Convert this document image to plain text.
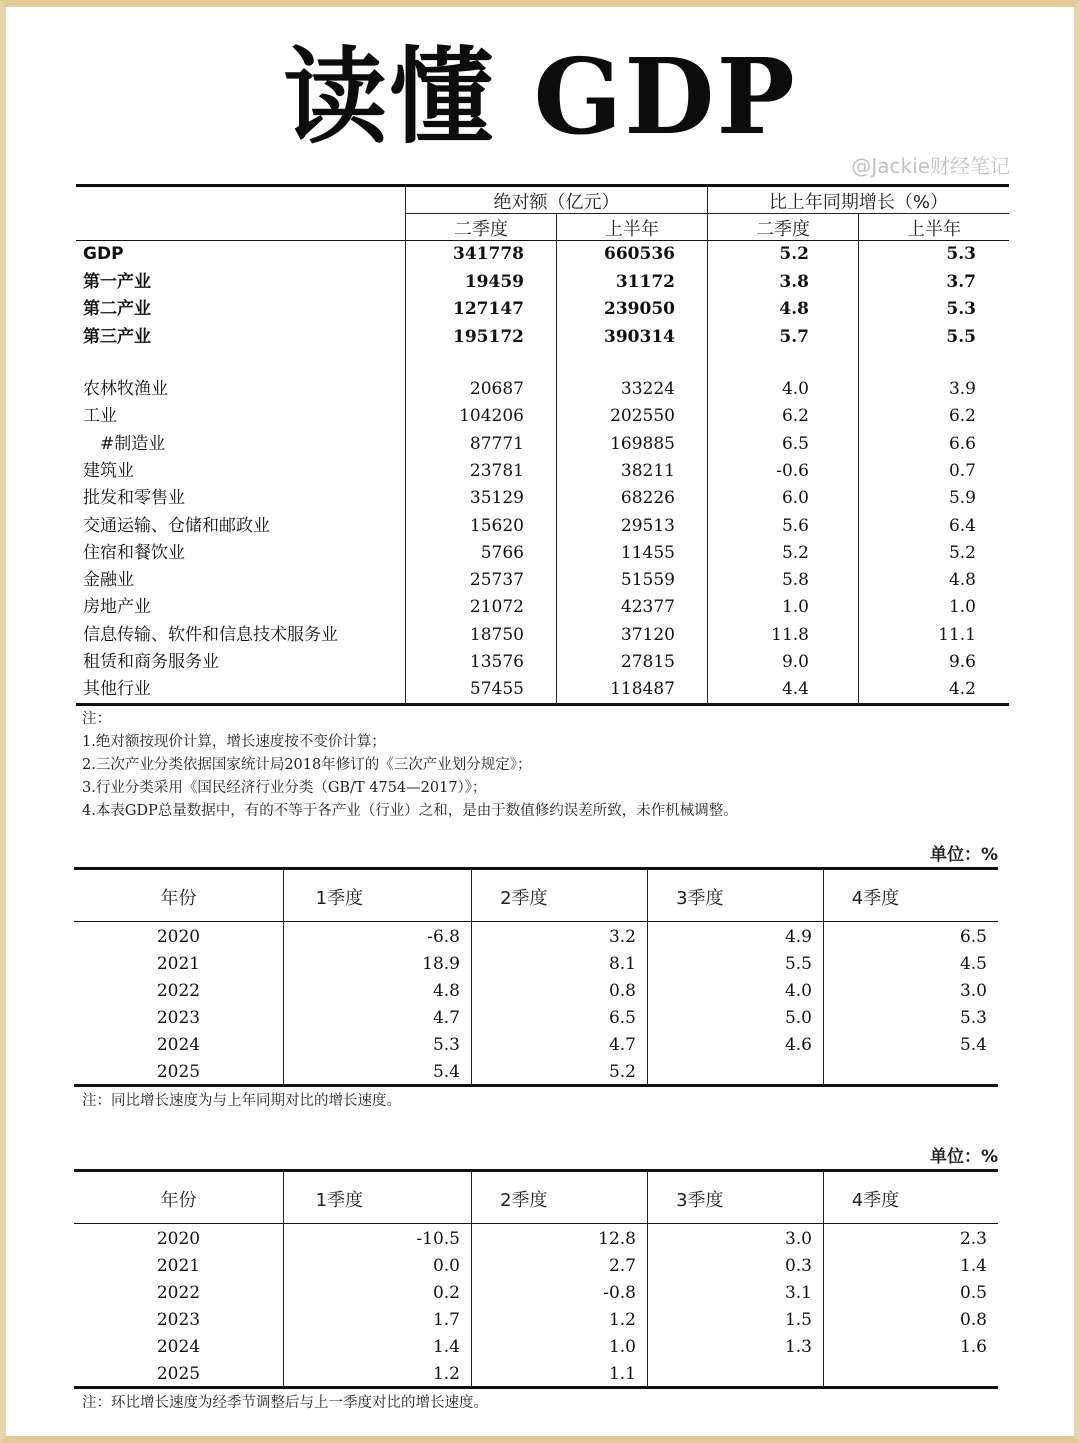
读懂 GDP
@Jackie财经笔记
绝对额（亿元）	比上年同期增长（%）
二季度	上半年	二季度	上半年
GDP	341778	660536	5.2	5.3
第一产业	19459	31172	3.8	3.7
第二产业	127147	239050	4.8	5.3
第三产业	195172	390314	5.7	5.5
农林牧渔业	20687	33224	4.0	3.9
工业	104206	202550	6.2	6.2
#制造业	87771	169885	6.5	6.6
建筑业	23781	38211	-0.6	0.7
批发和零售业	35129	68226	6.0	5.9
交通运输、仓储和邮政业	15620	29513	5.6	6.4
住宿和餐饮业	5766	11455	5.2	5.2
金融业	25737	51559	5.8	4.8
房地产业	21072	42377	1.0	1.0
信息传输、软件和信息技术服务业	18750	37120	11.8	11.1
租赁和商务服务业	13576	27815	9.0	9.6
其他行业	57455	118487	4.4	4.2
注：
1.绝对额按现价计算，增长速度按不变价计算；
2.三次产业分类依据国家统计局2018年修订的《三次产业划分规定》；
3.行业分类采用《国民经济行业分类（GB/T 4754—2017）》；
4.本表GDP总量数据中，有的不等于各产业（行业）之和，是由于数值修约误差所致，未作机械调整。
单位：%
年份	1季度	2季度	3季度	4季度
2020	-6.8	3.2	4.9	6.5
2021	18.9	8.1	5.5	4.5
2022	4.8	0.8	4.0	3.0
2023	4.7	6.5	5.0	5.3
2024	5.3	4.7	4.6	5.4
2025	5.4	5.2
注：同比增长速度为与上年同期对比的增长速度。
单位：%
年份	1季度	2季度	3季度	4季度
2020	-10.5	12.8	3.0	2.3
2021	0.0	2.7	0.3	1.4
2022	0.2	-0.8	3.1	0.5
2023	1.7	1.2	1.5	0.8
2024	1.4	1.0	1.3	1.6
2025	1.2	1.1
注：环比增长速度为经季节调整后与上一季度对比的增长速度。
